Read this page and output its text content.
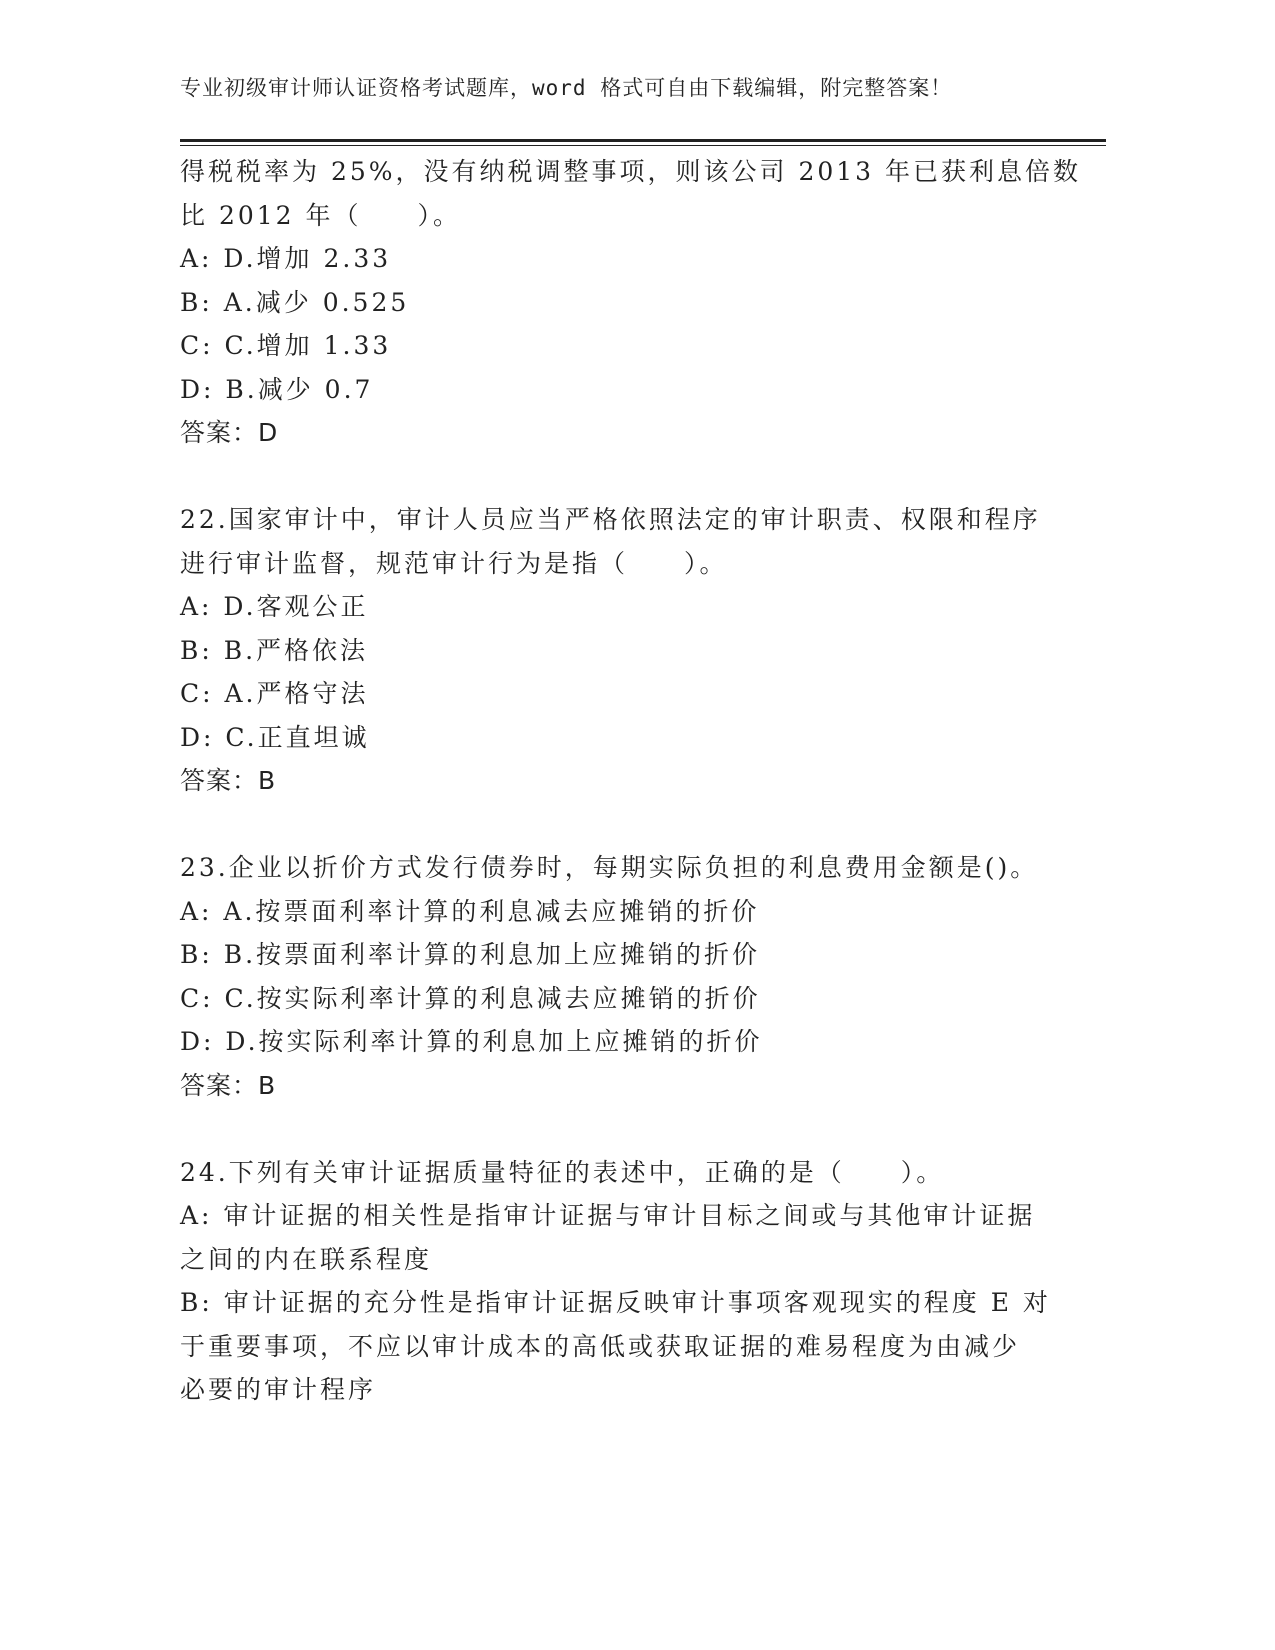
专业初级审计师认证资格考试题库，word 格式可自由下载编辑，附完整答案！
得税税率为 25%，没有纳税调整事项，则该公司 2013 年已获利息倍数
比 2012 年（　　）。
A: D.增加 2.33
B: A.减少 0.525
C: C.增加 1.33
D: B.减少 0.7
答案：D
22.国家审计中，审计人员应当严格依照法定的审计职责、权限和程序
进行审计监督，规范审计行为是指（　　）。
A: D.客观公正
B: B.严格依法
C: A.严格守法
D: C.正直坦诚
答案：B
23.企业以折价方式发行债券时，每期实际负担的利息费用金额是()。
A: A.按票面利率计算的利息减去应摊销的折价
B: B.按票面利率计算的利息加上应摊销的折价
C: C.按实际利率计算的利息减去应摊销的折价
D: D.按实际利率计算的利息加上应摊销的折价
答案：B
24.下列有关审计证据质量特征的表述中，正确的是（　　）。
A: 审计证据的相关性是指审计证据与审计目标之间或与其他审计证据
之间的内在联系程度
B: 审计证据的充分性是指审计证据反映审计事项客观现实的程度 E 对
于重要事项，不应以审计成本的高低或获取证据的难易程度为由减少
必要的审计程序
